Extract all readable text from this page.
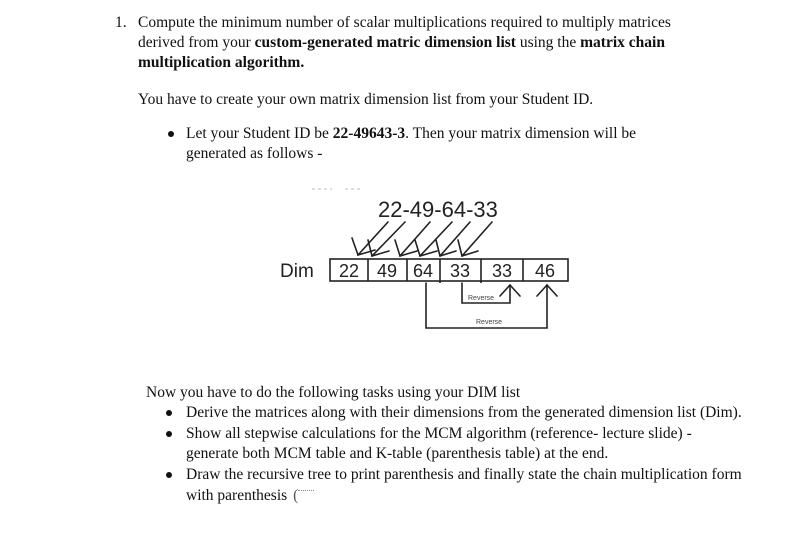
1. Compute the minimum number of scalar multiplications required to multiply matrices
derived from your custom-generated matric dimension list using the matrix chain
multiplication algorithm.
You have to create your own matrix dimension list from your Student ID.
Let your Student ID be 22-49643-3. Then your matrix dimension will be
generated as follows -
22-49-64-33
Dim 22 49 64 33 33 46
Reverse
Reverse
Now you have to do the following tasks using your DIM list
Derive the matrices along with their dimensions from the generated dimension list (Dim).
Show all stepwise calculations for the MCM algorithm (reference- lecture slide) -
generate both MCM table and K-table (parenthesis table) at the end.
Draw the recursive tree to print parenthesis and finally state the chain multiplication form
with parenthesis (
